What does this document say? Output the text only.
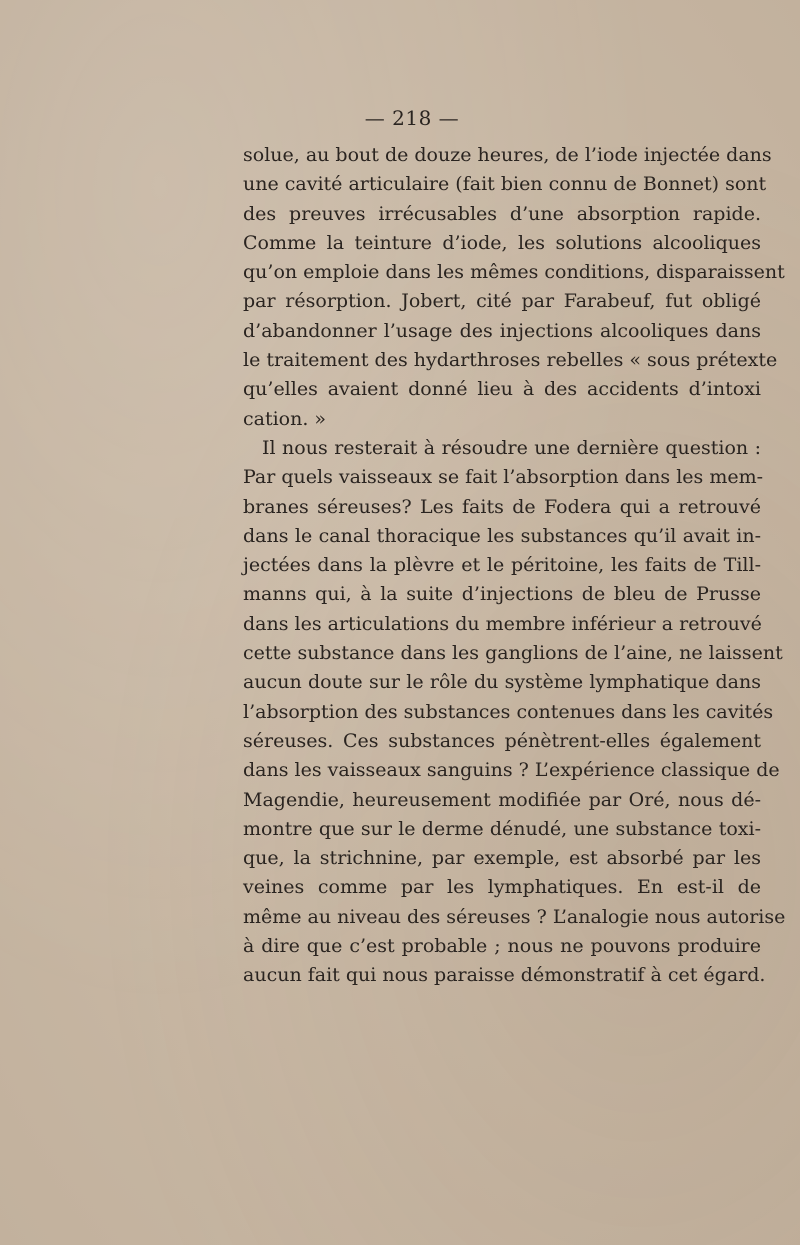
— 218 —
solue, au bout de douze heures, de l’iode injectée dans
une cavité articulaire (fait bien connu de Bonnet) sont
des preuves irrécusables d’une absorption rapide.
Comme la teinture d’iode, les solutions alcooliques
qu’on emploie dans les mêmes conditions, disparaissent
par résorption. Jobert, cité par Farabeuf, fut obligé
d’abandonner l’usage des injections alcooliques dans
le traitement des hydarthroses rebelles « sous prétexte
qu’elles avaient donné lieu à des accidents d’intoxi
cation. »
Il nous resterait à résoudre une dernière question :
Par quels vaisseaux se fait l’absorption dans les mem-
branes séreuses? Les faits de Fodera qui a retrouvé
dans le canal thoracique les substances qu’il avait in-
jectées dans la plèvre et le péritoine, les faits de Till-
manns qui, à la suite d’injections de bleu de Prusse
dans les articulations du membre inférieur a retrouvé
cette substance dans les ganglions de l’aine, ne laissent
aucun doute sur le rôle du système lymphatique dans
l’absorption des substances contenues dans les cavités
séreuses. Ces substances pénètrent-elles également
dans les vaisseaux sanguins ? L’expérience classique de
Magendie, heureusement modifiée par Oré, nous dé-
montre que sur le derme dénudé, une substance toxi-
que, la strichnine, par exemple, est absorbé par les
veines comme par les lymphatiques. En est-il de
même au niveau des séreuses ? L’analogie nous autorise
à dire que c’est probable ; nous ne pouvons produire
aucun fait qui nous paraisse démonstratif à cet égard.
